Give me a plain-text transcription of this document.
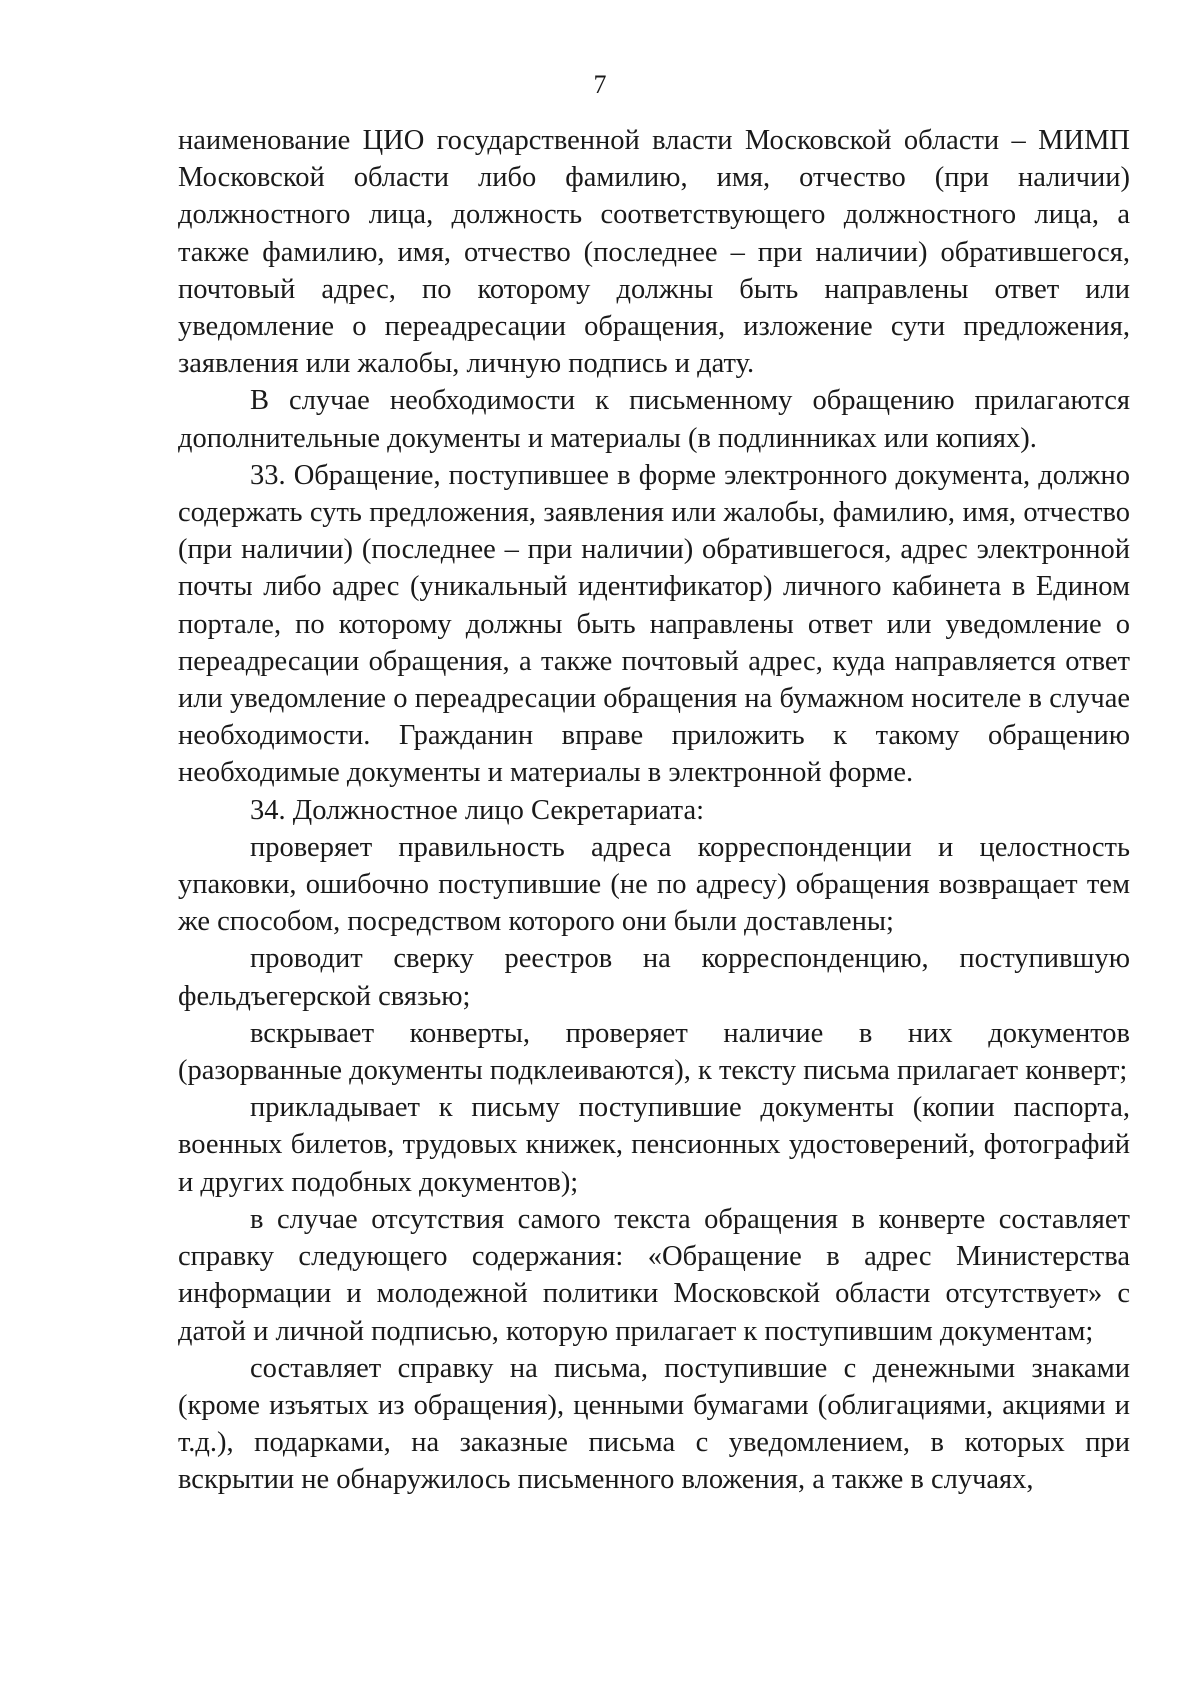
7

наименование ЦИО государственной власти Московской области – МИМП Московской области либо фамилию, имя, отчество (при наличии) должностного лица, должность соответствующего должностного лица, а также фамилию, имя, отчество (последнее – при наличии) обратившегося, почтовый адрес, по которому должны быть направлены ответ или уведомление о переадресации обращения, изложение сути предложения, заявления или жалобы, личную подпись и дату.

В случае необходимости к письменному обращению прилагаются дополнительные документы и материалы (в подлинниках или копиях).

33. Обращение, поступившее в форме электронного документа, должно содержать суть предложения, заявления или жалобы, фамилию, имя, отчество (при наличии) (последнее – при наличии) обратившегося, адрес электронной почты либо адрес (уникальный идентификатор) личного кабинета в Едином портале, по которому должны быть направлены ответ или уведомление о переадресации обращения, а также почтовый адрес, куда направляется ответ или уведомление о переадресации обращения на бумажном носителе в случае необходимости. Гражданин вправе приложить к такому обращению необходимые документы и материалы в электронной форме.

34. Должностное лицо Секретариата:

проверяет правильность адреса корреспонденции и целостность упаковки, ошибочно поступившие (не по адресу) обращения возвращает тем же способом, посредством которого они были доставлены;

проводит сверку реестров на корреспонденцию, поступившую фельдъегерской связью;

вскрывает конверты, проверяет наличие в них документов (разорванные документы подклеиваются), к тексту письма прилагает конверт;

прикладывает к письму поступившие документы (копии паспорта, военных билетов, трудовых книжек, пенсионных удостоверений, фотографий и других подобных документов);

в случае отсутствия самого текста обращения в конверте составляет справку следующего содержания: «Обращение в адрес Министерства информации и молодежной политики Московской области отсутствует» с датой и личной подписью, которую прилагает к поступившим документам;

составляет справку на письма, поступившие с денежными знаками (кроме изъятых из обращения), ценными бумагами (облигациями, акциями и т.д.), подарками, на заказные письма с уведомлением, в которых при вскрытии не обнаружилось письменного вложения, а также в случаях,
